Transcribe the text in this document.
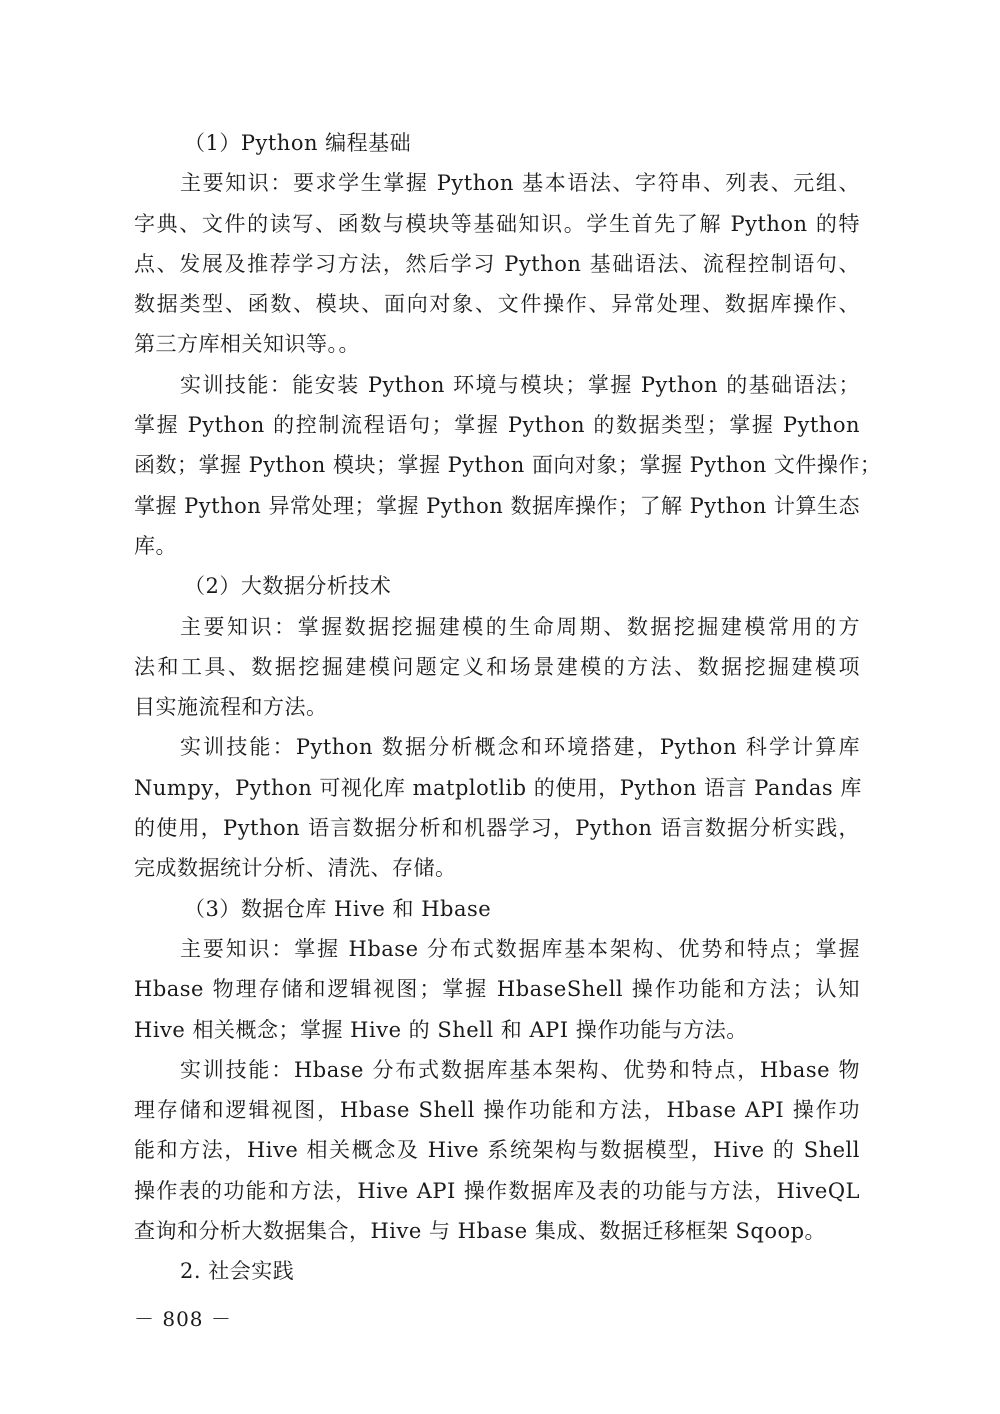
（1）Python 编程基础
主要知识：要求学生掌握 Python 基本语法、字符串、列表、元组、
字典、文件的读写、函数与模块等基础知识。学生首先了解 Python 的特
点、发展及推荐学习方法，然后学习 Python 基础语法、流程控制语句、
数据类型、函数、模块、面向对象、文件操作、异常处理、数据库操作、
第三方库相关知识等。。
实训技能：能安装 Python 环境与模块；掌握 Python 的基础语法；
掌握 Python 的控制流程语句；掌握 Python 的数据类型；掌握 Python
函数；掌握 Python 模块；掌握 Python 面向对象；掌握 Python 文件操作；
掌握 Python 异常处理；掌握 Python 数据库操作；了解 Python 计算生态
库。
（2）大数据分析技术
主要知识：掌握数据挖掘建模的生命周期、数据挖掘建模常用的方
法和工具、数据挖掘建模问题定义和场景建模的方法、数据挖掘建模项
目实施流程和方法。
实训技能：Python 数据分析概念和环境搭建，Python 科学计算库
Numpy，Python 可视化库 matplotlib 的使用，Python 语言 Pandas 库
的使用，Python 语言数据分析和机器学习，Python 语言数据分析实践，
完成数据统计分析、清洗、存储。
（3）数据仓库 Hive 和 Hbase
主要知识：掌握 Hbase 分布式数据库基本架构、优势和特点；掌握
Hbase 物理存储和逻辑视图；掌握 HbaseShell 操作功能和方法；认知
Hive 相关概念；掌握 Hive 的 Shell 和 API 操作功能与方法。
实训技能：Hbase 分布式数据库基本架构、优势和特点，Hbase 物
理存储和逻辑视图，Hbase Shell 操作功能和方法，Hbase API 操作功
能和方法，Hive 相关概念及 Hive 系统架构与数据模型，Hive 的 Shell
操作表的功能和方法，Hive API 操作数据库及表的功能与方法，HiveQL
查询和分析大数据集合，Hive 与 Hbase 集成、数据迁移框架 Sqoop。
2. 社会实践
－ 808 －
